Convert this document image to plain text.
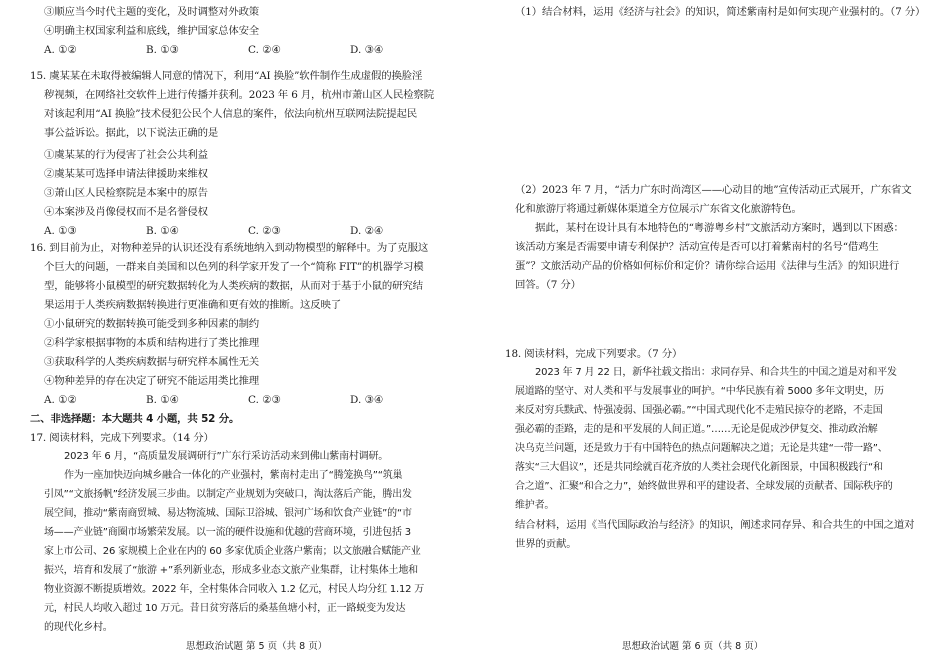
③顺应当今时代主题的变化，及时调整对外政策
④明确主权国家利益和底线，维护国家总体安全
A. ①②	B. ①③	C. ②④	D. ③④
15. 虞某某在未取得被编辑人同意的情况下，利用“AI 换脸”软件制作生成虚假的换脸淫
秽视频，在网络社交软件上进行传播并获利。2023 年 6 月，杭州市萧山区人民检察院
对该起利用“AI 换脸”技术侵犯公民个人信息的案件，依法向杭州互联网法院提起民
事公益诉讼。据此，以下说法正确的是
①虞某某的行为侵害了社会公共利益
②虞某某可选择申请法律援助来维权
③萧山区人民检察院是本案中的原告
④本案涉及肖像侵权而不是名誉侵权
A. ①③	B. ①④	C. ②③	D. ②④
16. 到目前为止，对物种差异的认识还没有系统地纳入到动物模型的解释中。为了克服这
个巨大的问题，一群来自美国和以色列的科学家开发了一个“简称 FIT”的机器学习模
型，能够将小鼠模型的研究数据转化为人类疾病的数据，从而对于基于小鼠的研究结
果运用于人类疾病数据转换进行更准确和更有效的推断。这反映了
①小鼠研究的数据转换可能受到多种因素的制约
②科学家根据事物的本质和结构进行了类比推理
③获取科学的人类疾病数据与研究样本属性无关
④物种差异的存在决定了研究不能运用类比推理
A. ①②	B. ①④	C. ②③	D. ③④
二、非选择题：本大题共 4 小题，共 52 分。
17. 阅读材料，完成下列要求。（14 分）
2023 年 6 月，“高质量发展调研行”广东行采访活动来到佛山紫南村调研。
作为一座加快迈向城乡融合一体化的产业强村，紫南村走出了“腾笼换鸟”“筑巢
引凤”“文旅扬帆”经济发展三步曲。以制定产业规划为突破口，淘汰落后产能，腾出发
展空间，推动“紫南商贸城、易达物流城、国际卫浴城、银河广场和饮食产业链”的“市
场——产业链”商圈市场繁荣发展。以一流的硬件设施和优越的营商环境，引进包括 3
家上市公司、26 家规模上企业在内的 60 多家优质企业落户紫南；以文旅融合赋能产业
振兴，培育和发展了“旅游 +”系列新业态，形成多业态文旅产业集群，让村集体土地和
物业资源不断提质增效。2022 年，全村集体合同收入 1.2 亿元，村民人均分红 1.12 万
元，村民人均收入超过 10 万元。昔日贫穷落后的桑基鱼塘小村，正一路蜕变为发达
的现代化乡村。
思想政治试题 第 5 页（共 8 页）
（1）结合材料，运用《经济与社会》的知识，简述紫南村是如何实现产业强村的。（7 分）
（2）2023 年 7 月，“活力广东时尚湾区——心动目的地”宣传活动正式展开，广东省文
化和旅游厅将通过新媒体渠道全方位展示广东省文化旅游特色。
据此，某村在设计具有本地特色的“粤游粤乡村”文旅活动方案时，遇到以下困惑：
该活动方案是否需要申请专利保护？活动宣传是否可以打着紫南村的名号“借鸡生
蛋”？文旅活动产品的价格如何标价和定价？请你综合运用《法律与生活》的知识进行
回答。（7 分）
18. 阅读材料，完成下列要求。（7 分）
2023 年 7 月 22 日，新华社载文指出：求同存异、和合共生的中国之道是对和平发
展道路的坚守、对人类和平与发展事业的呵护。“中华民族有着 5000 多年文明史，历
来反对穷兵黩武、恃强凌弱、国强必霸。”“中国式现代化不走殖民掠夺的老路，不走国
强必霸的歪路，走的是和平发展的人间正道。”……无论是促成沙伊复交、推动政治解
决乌克兰问题，还是致力于有中国特色的热点问题解决之道；无论是共建“一带一路”、
落实“三大倡议”，还是共同绘就百花齐放的人类社会现代化新图景，中国积极践行“和
合之道”、汇聚“和合之力”，始终做世界和平的建设者、全球发展的贡献者、国际秩序的
维护者。
结合材料，运用《当代国际政治与经济》的知识，阐述求同存异、和合共生的中国之道对
世界的贡献。
思想政治试题 第 6 页（共 8 页）
